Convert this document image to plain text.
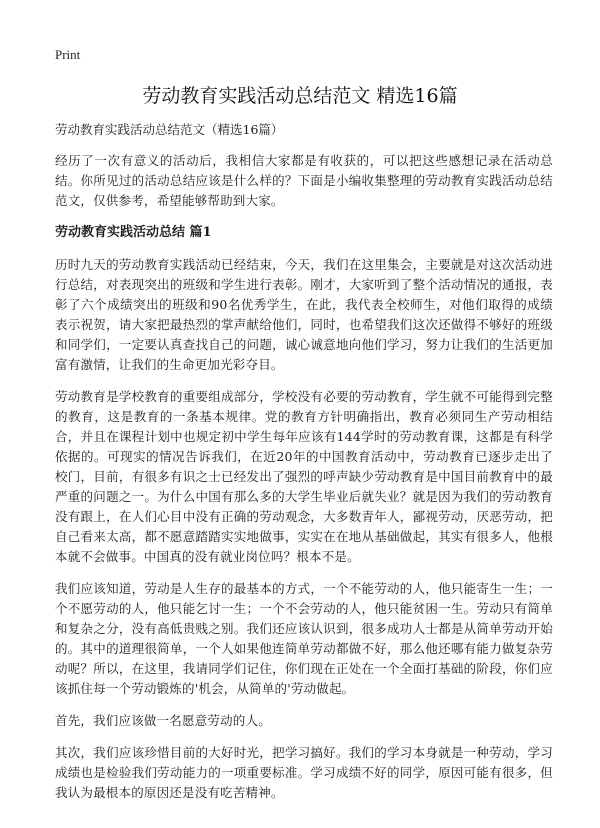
Print
劳动教育实践活动总结范文 精选16篇
劳动教育实践活动总结范文（精选16篇）

经历了一次有意义的活动后，我相信大家都是有收获的，可以把这些感想记录在活动总结。你所见过的活动总结应该是什么样的？下面是小编收集整理的劳动教育实践活动总结范文，仅供参考，希望能够帮助到大家。

劳动教育实践活动总结 篇1

历时九天的劳动教育实践活动已经结束，今天，我们在这里集会，主要就是对这次活动进行总结，对表现突出的班级和学生进行表彰。刚才，大家听到了整个活动情况的通报，表彰了六个成绩突出的班级和90名优秀学生，在此，我代表全校师生，对他们取得的成绩表示祝贺，请大家把最热烈的掌声献给他们，同时，也希望我们这次还做得不够好的班级和同学们，一定要认真查找自己的问题，诚心诚意地向他们学习，努力让我们的生活更加富有激情，让我们的生命更加光彩夺目。

劳动教育是学校教育的重要组成部分，学校没有必要的劳动教育，学生就不可能得到完整的教育，这是教育的一条基本规律。党的教育方针明确指出，教育必须同生产劳动相结合，并且在课程计划中也规定初中学生每年应该有144学时的劳动教育课，这都是有科学依据的。可现实的情况告诉我们，在近20年的中国教育活动中，劳动教育已逐步走出了校门，目前，有很多有识之士已经发出了强烈的呼声缺少劳动教育是中国目前教育中的最严重的问题之一。为什么中国有那么多的大学生毕业后就失业？就是因为我们的劳动教育没有跟上，在人们心目中没有正确的劳动观念，大多数青年人，鄙视劳动，厌恶劳动，把自己看来太高，都不愿意踏踏实实地做事，实实在在地从基础做起，其实有很多人，他根本就不会做事。中国真的没有就业岗位吗？根本不是。

我们应该知道，劳动是人生存的最基本的方式，一个不能劳动的人，他只能寄生一生；一个不愿劳动的人，他只能乞讨一生；一个不会劳动的人，他只能贫困一生。劳动只有简单和复杂之分，没有高低贵贱之别。我们还应该认识到，很多成功人士都是从简单劳动开始的。其中的道理很简单，一个人如果他连简单劳动都做不好，那么他还哪有能力做复杂劳动呢？所以，在这里，我请同学们记住，你们现在正处在一个全面打基础的阶段，你们应该抓住每一个劳动锻炼的'机会，从简单的'劳动做起。

首先，我们应该做一名愿意劳动的人。

其次，我们应该珍惜目前的大好时光，把学习搞好。我们的学习本身就是一种劳动，学习成绩也是检验我们劳动能力的一项重要标准。学习成绩不好的同学，原因可能有很多，但我认为最根本的原因还是没有吃苦精神。
